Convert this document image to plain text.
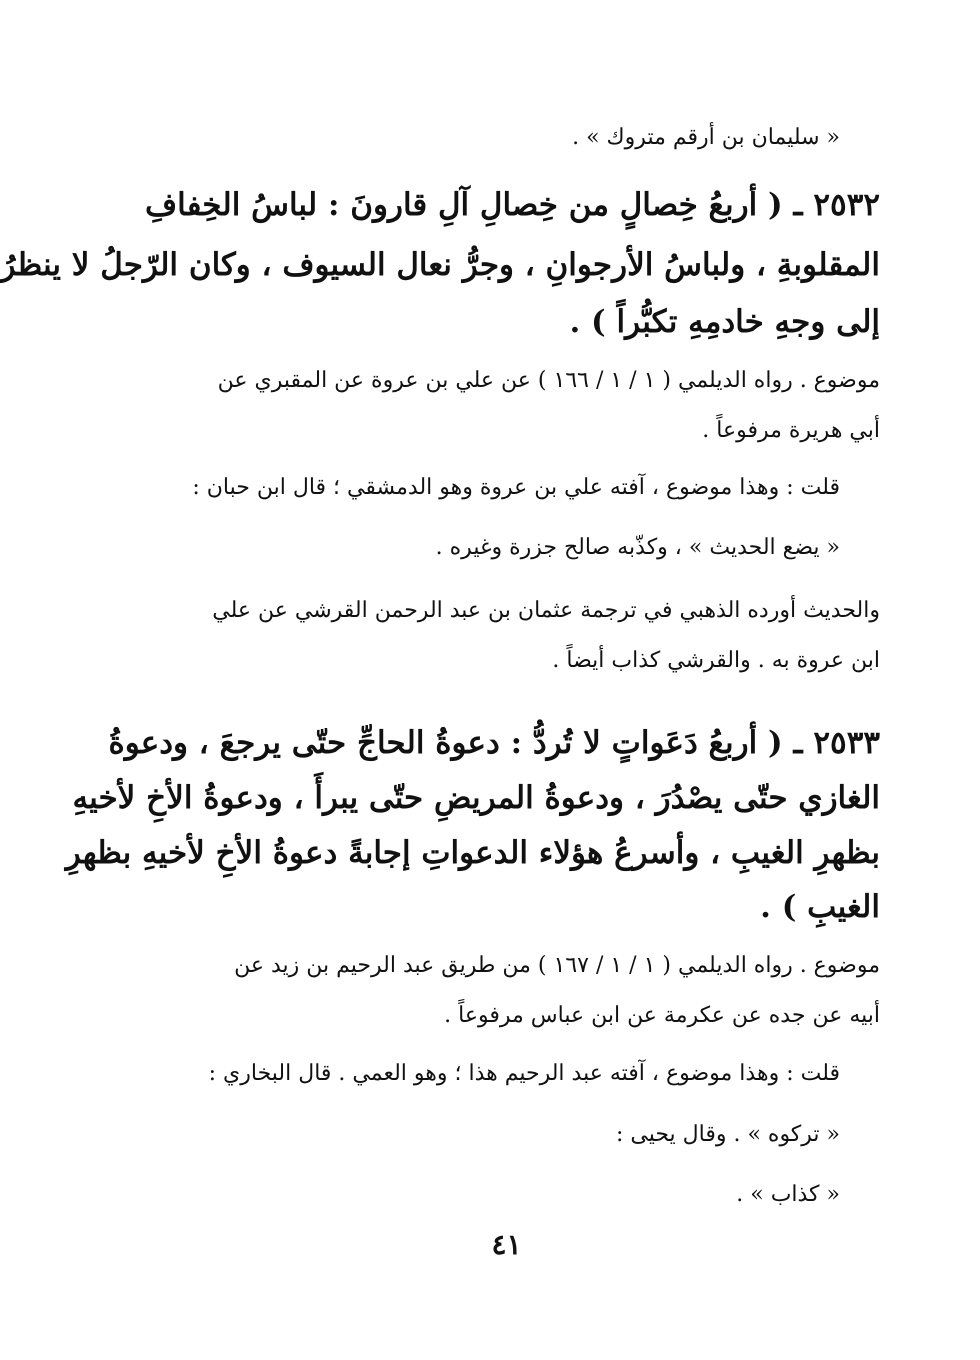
« سليمان بن أرقم متروك » .
٢٥٣٢ ـ ( أربعُ خِصالٍ من خِصالِ آلِ قارونَ : لباسُ الخِفافِ
المقلوبةِ ، ولباسُ الأرجوانِ ، وجرُّ نعال السيوف ، وكان الرّجلُ لا ينظرُ
إلى وجهِ خادمِهِ تكبُّراً ) .
موضوع . رواه الديلمي ( ١ / ١ / ١٦٦ ) عن علي بن عروة عن المقبري عن
أبي هريرة مرفوعاً .
قلت : وهذا موضوع ، آفته علي بن عروة وهو الدمشقي ؛ قال ابن حبان :
« يضع الحديث » ، وكذّبه صالح جزرة وغيره .
والحديث أورده الذهبي في ترجمة عثمان بن عبد الرحمن القرشي عن علي
ابن عروة به . والقرشي كذاب أيضاً .
٢٥٣٣ ـ ( أربعُ دَعَواتٍ لا تُردُّ : دعوةُ الحاجِّ حتّى يرجعَ ، ودعوةُ
الغازي حتّى يصْدُرَ ، ودعوةُ المريضِ حتّى يبرأَ ، ودعوةُ الأخِ لأخيهِ
بظهرِ الغيبِ ، وأسرعُ هؤلاء الدعواتِ إجابةً دعوةُ الأخِ لأخيهِ بظهرِ
الغيبِ ) .
موضوع . رواه الديلمي ( ١ / ١ / ١٦٧ ) من طريق عبد الرحيم بن زيد عن
أبيه عن جده عن عكرمة عن ابن عباس مرفوعاً .
قلت : وهذا موضوع ، آفته عبد الرحيم هذا ؛ وهو العمي . قال البخاري :
« تركوه » . وقال يحيى :
« كذاب » .
٤١
